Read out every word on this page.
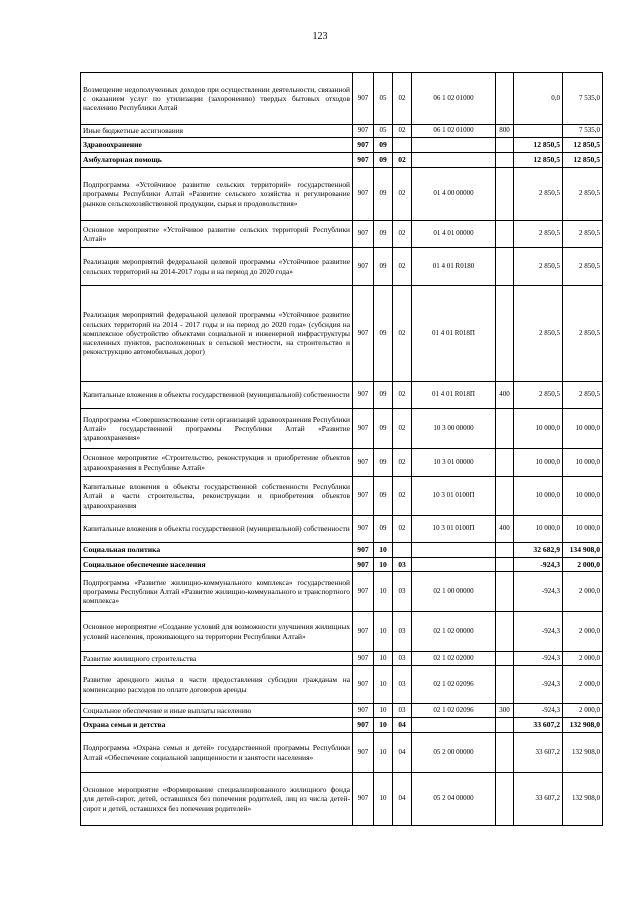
123
Возмещение недополученных доходов при осуществлении деятельности, связанной с оказанием услуг по утилизации (захоронению) твердых бытовых отходов населению Республики Алтай	907	05	02	06 1 02 01000		0,0	7 535,0
Иные бюджетные ассигнования	907	05	02	06 1 02 01000	800		7 535,0
Здравоохранение	907	09				12 850,5	12 850,5
Амбулаторная помощь	907	09	02			12 850,5	12 850,5
Подпрограмма «Устойчивое развитие сельских территорий» государственной программы Республики Алтай «Развитие сельского хозяйства и регулирование рынков сельскохозяйственной продукции, сырья и продовольствия»	907	09	02	01 4 00 00000		2 850,5	2 850,5
Основное мероприятие «Устойчивое развитие сельских территорий Республики Алтай»	907	09	02	01 4 01 00000		2 850,5	2 850,5
Реализация мероприятий федеральной целевой программы «Устойчивое развитие сельских территорий на 2014-2017 годы и на период до 2020 года»	907	09	02	01 4 01 R0180		2 850,5	2 850,5
Реализация мероприятий федеральной целевой программы «Устойчивое развитие сельских территорий на 2014 - 2017 годы и на период до 2020 года» (субсидия на комплексное обустройство объектами социальной и инженерной инфраструктуры населенных пунктов, расположенных в сельской местности, на строительство и реконструкцию автомобильных дорог)	907	09	02	01 4 01 R018П		2 850,5	2 850,5
Капитальные вложения в объекты государственной (муниципальной) собственности	907	09	02	01 4 01 R018П	400	2 850,5	2 850,5
Подпрограмма «Совершенствование сети организаций здравоохранения Республики Алтай» государственной программы Республики Алтай «Развитие здравоохранения»	907	09	02	10 3 00 00000		10 000,0	10 000,0
Основное мероприятие «Строительство, реконструкция и приобретение объектов здравоохранения в Республике Алтай»	907	09	02	10 3 01 00000		10 000,0	10 000,0
Капитальные вложения в объекты государственной собственности Республики Алтай в части строительства, реконструкции и приобретения объектов здравоохранения	907	09	02	10 3 01 0100П		10 000,0	10 000,0
Капитальные вложения в объекты государственной (муниципальной) собственности	907	09	02	10 3 01 0100П	400	10 000,0	10 000,0
Социальная политика	907	10				32 682,9	134 908,0
Социальное обеспечение населения	907	10	03			-924,3	2 000,0
Подпрограмма «Развитие жилищно-коммунального комплекса» государственной программы Республики Алтай «Развитие жилищно-коммунального и транспортного комплекса»	907	10	03	02 1 00 00000		-924,3	2 000,0
Основное мероприятие «Создание условий для возможности улучшения жилищных условий населения, проживающего на территории Республики Алтай»	907	10	03	02 1 02 00000		-924,3	2 000,0
Развитие жилищного строительства	907	10	03	02 1 02 02000		-924,3	2 000,0
Развитие арендного жилья в части предоставления субсидии гражданам на компенсацию расходов по оплате договоров аренды	907	10	03	02 1 02 02096		-924,3	2 000,0
Социальное обеспечение и иные выплаты населению	907	10	03	02 1 02 02096	300	-924,3	2 000,0
Охрана семьи и детства	907	10	04			33 607,2	132 908,0
Подпрограмма «Охрана семьи и детей» государственной программы Республики Алтай «Обеспечение социальной защищенности и занятости населения»	907	10	04	05 2 00 00000		33 607,2	132 908,0
Основное мероприятие «Формирование специализированного жилищного фонда для детей-сирот, детей, оставшихся без попечения родителей, лиц из числа детей-сирот и детей, оставшихся без попечения родителей»	907	10	04	05 2 04 00000		33 607,2	132 908,0
